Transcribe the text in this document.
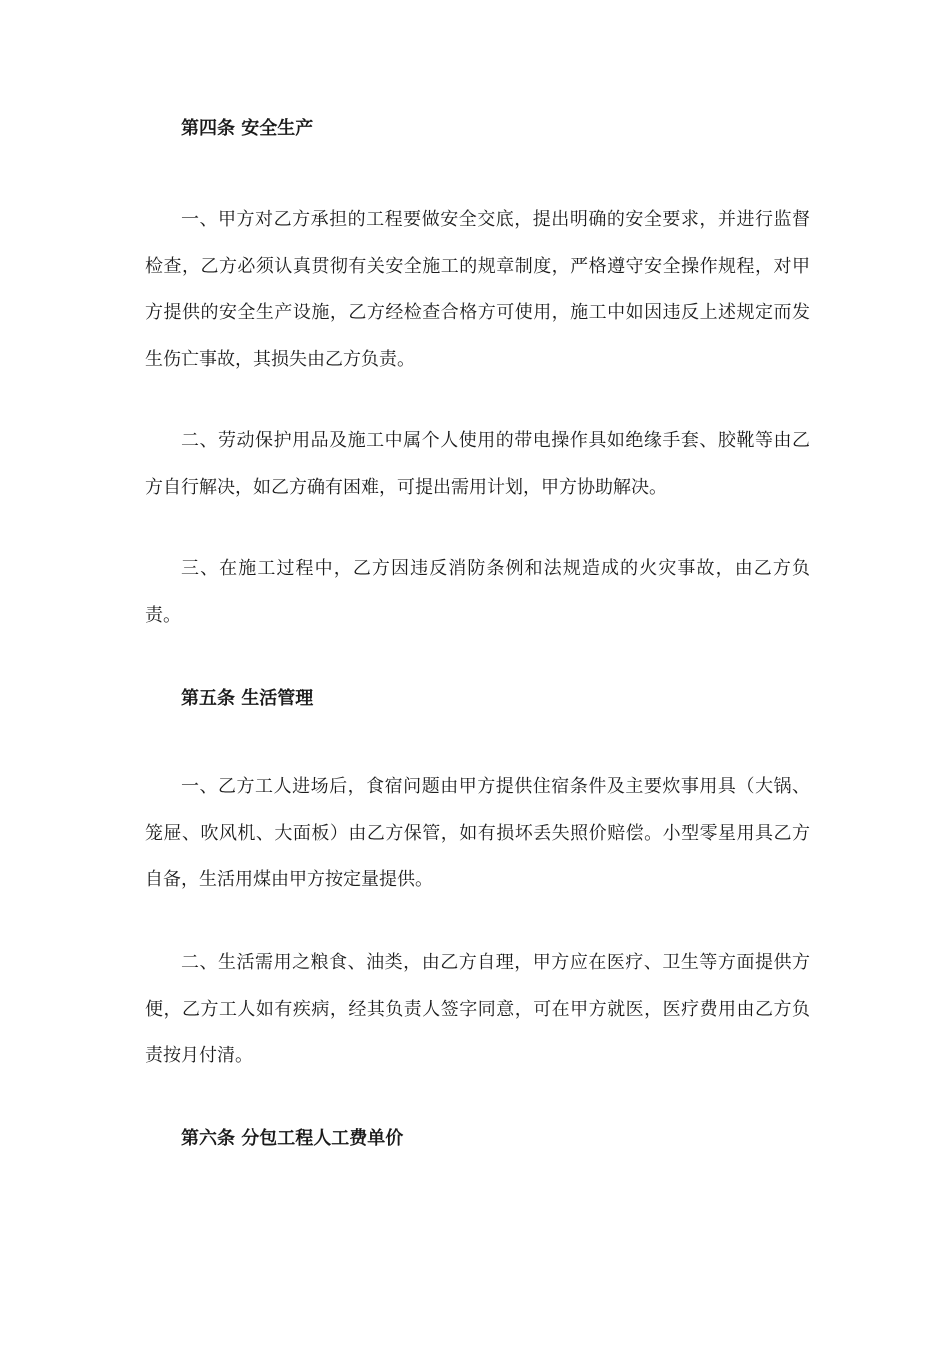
第四条 安全生产

一、甲方对乙方承担的工程要做安全交底，提出明确的安全要求，并进行监督检查，乙方必须认真贯彻有关安全施工的规章制度，严格遵守安全操作规程，对甲方提供的安全生产设施，乙方经检查合格方可使用，施工中如因违反上述规定而发生伤亡事故，其损失由乙方负责。

二、劳动保护用品及施工中属个人使用的带电操作具如绝缘手套、胶靴等由乙方自行解决，如乙方确有困难，可提出需用计划，甲方协助解决。

三、在施工过程中，乙方因违反消防条例和法规造成的火灾事故，由乙方负责。

第五条 生活管理

一、乙方工人进场后，食宿问题由甲方提供住宿条件及主要炊事用具（大锅、笼屉、吹风机、大面板）由乙方保管，如有损坏丢失照价赔偿。小型零星用具乙方自备，生活用煤由甲方按定量提供。

二、生活需用之粮食、油类，由乙方自理，甲方应在医疗、卫生等方面提供方便，乙方工人如有疾病，经其负责人签字同意，可在甲方就医，医疗费用由乙方负责按月付清。

第六条 分包工程人工费单价
